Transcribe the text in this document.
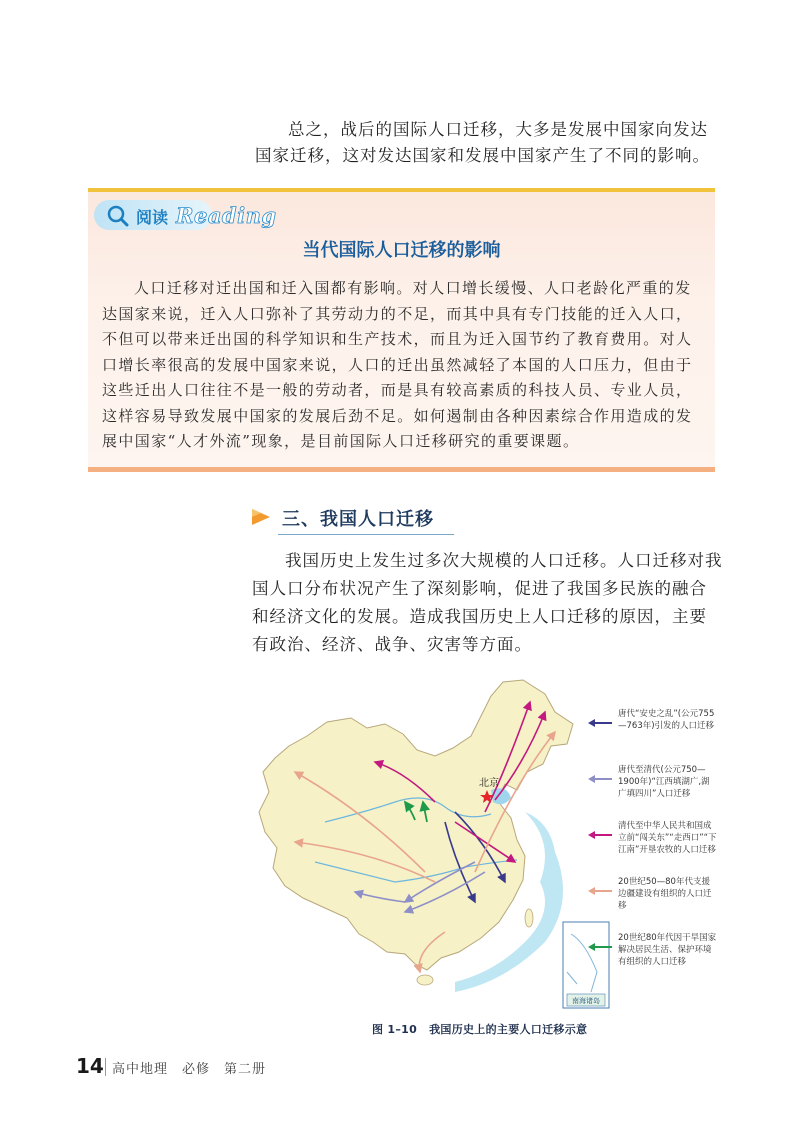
总之，战后的国际人口迁移，大多是发展中国家向发达国家迁移，这对发达国家和发展中国家产生了不同的影响。

阅读 Reading
当代国际人口迁移的影响

人口迁移对迁出国和迁入国都有影响。对人口增长缓慢、人口老龄化严重的发达国家来说，迁入人口弥补了其劳动力的不足，而其中具有专门技能的迁入人口，不但可以带来迁出国的科学知识和生产技术，而且为迁入国节约了教育费用。对人口增长率很高的发展中国家来说，人口的迁出虽然减轻了本国的人口压力，但由于这些迁出人口往往不是一般的劳动者，而是具有较高素质的科技人员、专业人员，这样容易导致发展中国家的发展后劲不足。如何遏制由各种因素综合作用造成的发展中国家“人才外流”现象，是目前国际人口迁移研究的重要课题。

三、我国人口迁移

我国历史上发生过多次大规模的人口迁移。人口迁移对我国人口分布状况产生了深刻影响，促进了我国多民族的融合和经济文化的发展。造成我国历史上人口迁移的原因，主要有政治、经济、战争、灾害等方面。

北京
南海诸岛
唐代“安史之乱”(公元755—763年)引发的人口迁移
唐代至清代(公元750—1900年)“江西填湖广,湖广填四川”人口迁移
清代至中华人民共和国成立前“闯关东”“走西口”“下江南”开垦农牧的人口迁移
20世纪50—80年代支援边疆建设有组织的人口迁移
20世纪80年代因干旱国家解决居民生活、保护环境有组织的人口迁移
图 1–10 我国历史上的主要人口迁移示意
14 高中地理　必修　第二册
